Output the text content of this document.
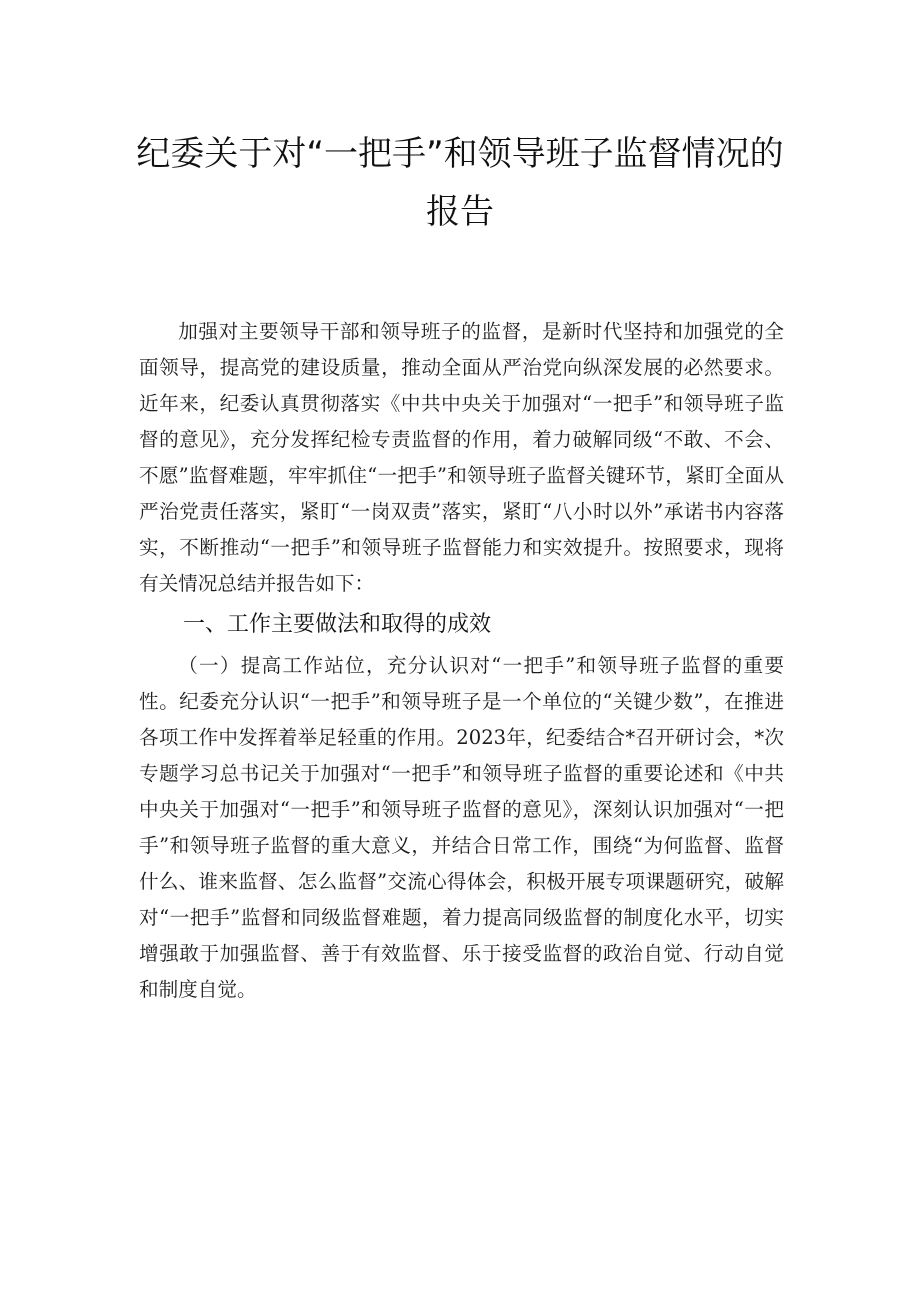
纪委关于对“一把手”和领导班子监督情况的
报告

加强对主要领导干部和领导班子的监督，是新时代坚持和加强党的全面领导，提高党的建设质量，推动全面从严治党向纵深发展的必然要求。近年来，纪委认真贯彻落实《中共中央关于加强对“一把手”和领导班子监督的意见》，充分发挥纪检专责监督的作用，着力破解同级“不敢、不会、不愿”监督难题，牢牢抓住“一把手”和领导班子监督关键环节，紧盯全面从严治党责任落实，紧盯“一岗双责”落实，紧盯“八小时以外”承诺书内容落实，不断推动“一把手”和领导班子监督能力和实效提升。按照要求，现将有关情况总结并报告如下：

一、工作主要做法和取得的成效

（一）提高工作站位，充分认识对“一把手”和领导班子监督的重要性。纪委充分认识“一把手”和领导班子是一个单位的“关键少数”，在推进各项工作中发挥着举足轻重的作用。2023年，纪委结合*召开研讨会，*次专题学习总书记关于加强对“一把手”和领导班子监督的重要论述和《中共中央关于加强对“一把手”和领导班子监督的意见》，深刻认识加强对“一把手”和领导班子监督的重大意义，并结合日常工作，围绕“为何监督、监督什么、谁来监督、怎么监督”交流心得体会，积极开展专项课题研究，破解对“一把手”监督和同级监督难题，着力提高同级监督的制度化水平，切实增强敢于加强监督、善于有效监督、乐于接受监督的政治自觉、行动自觉和制度自觉。
